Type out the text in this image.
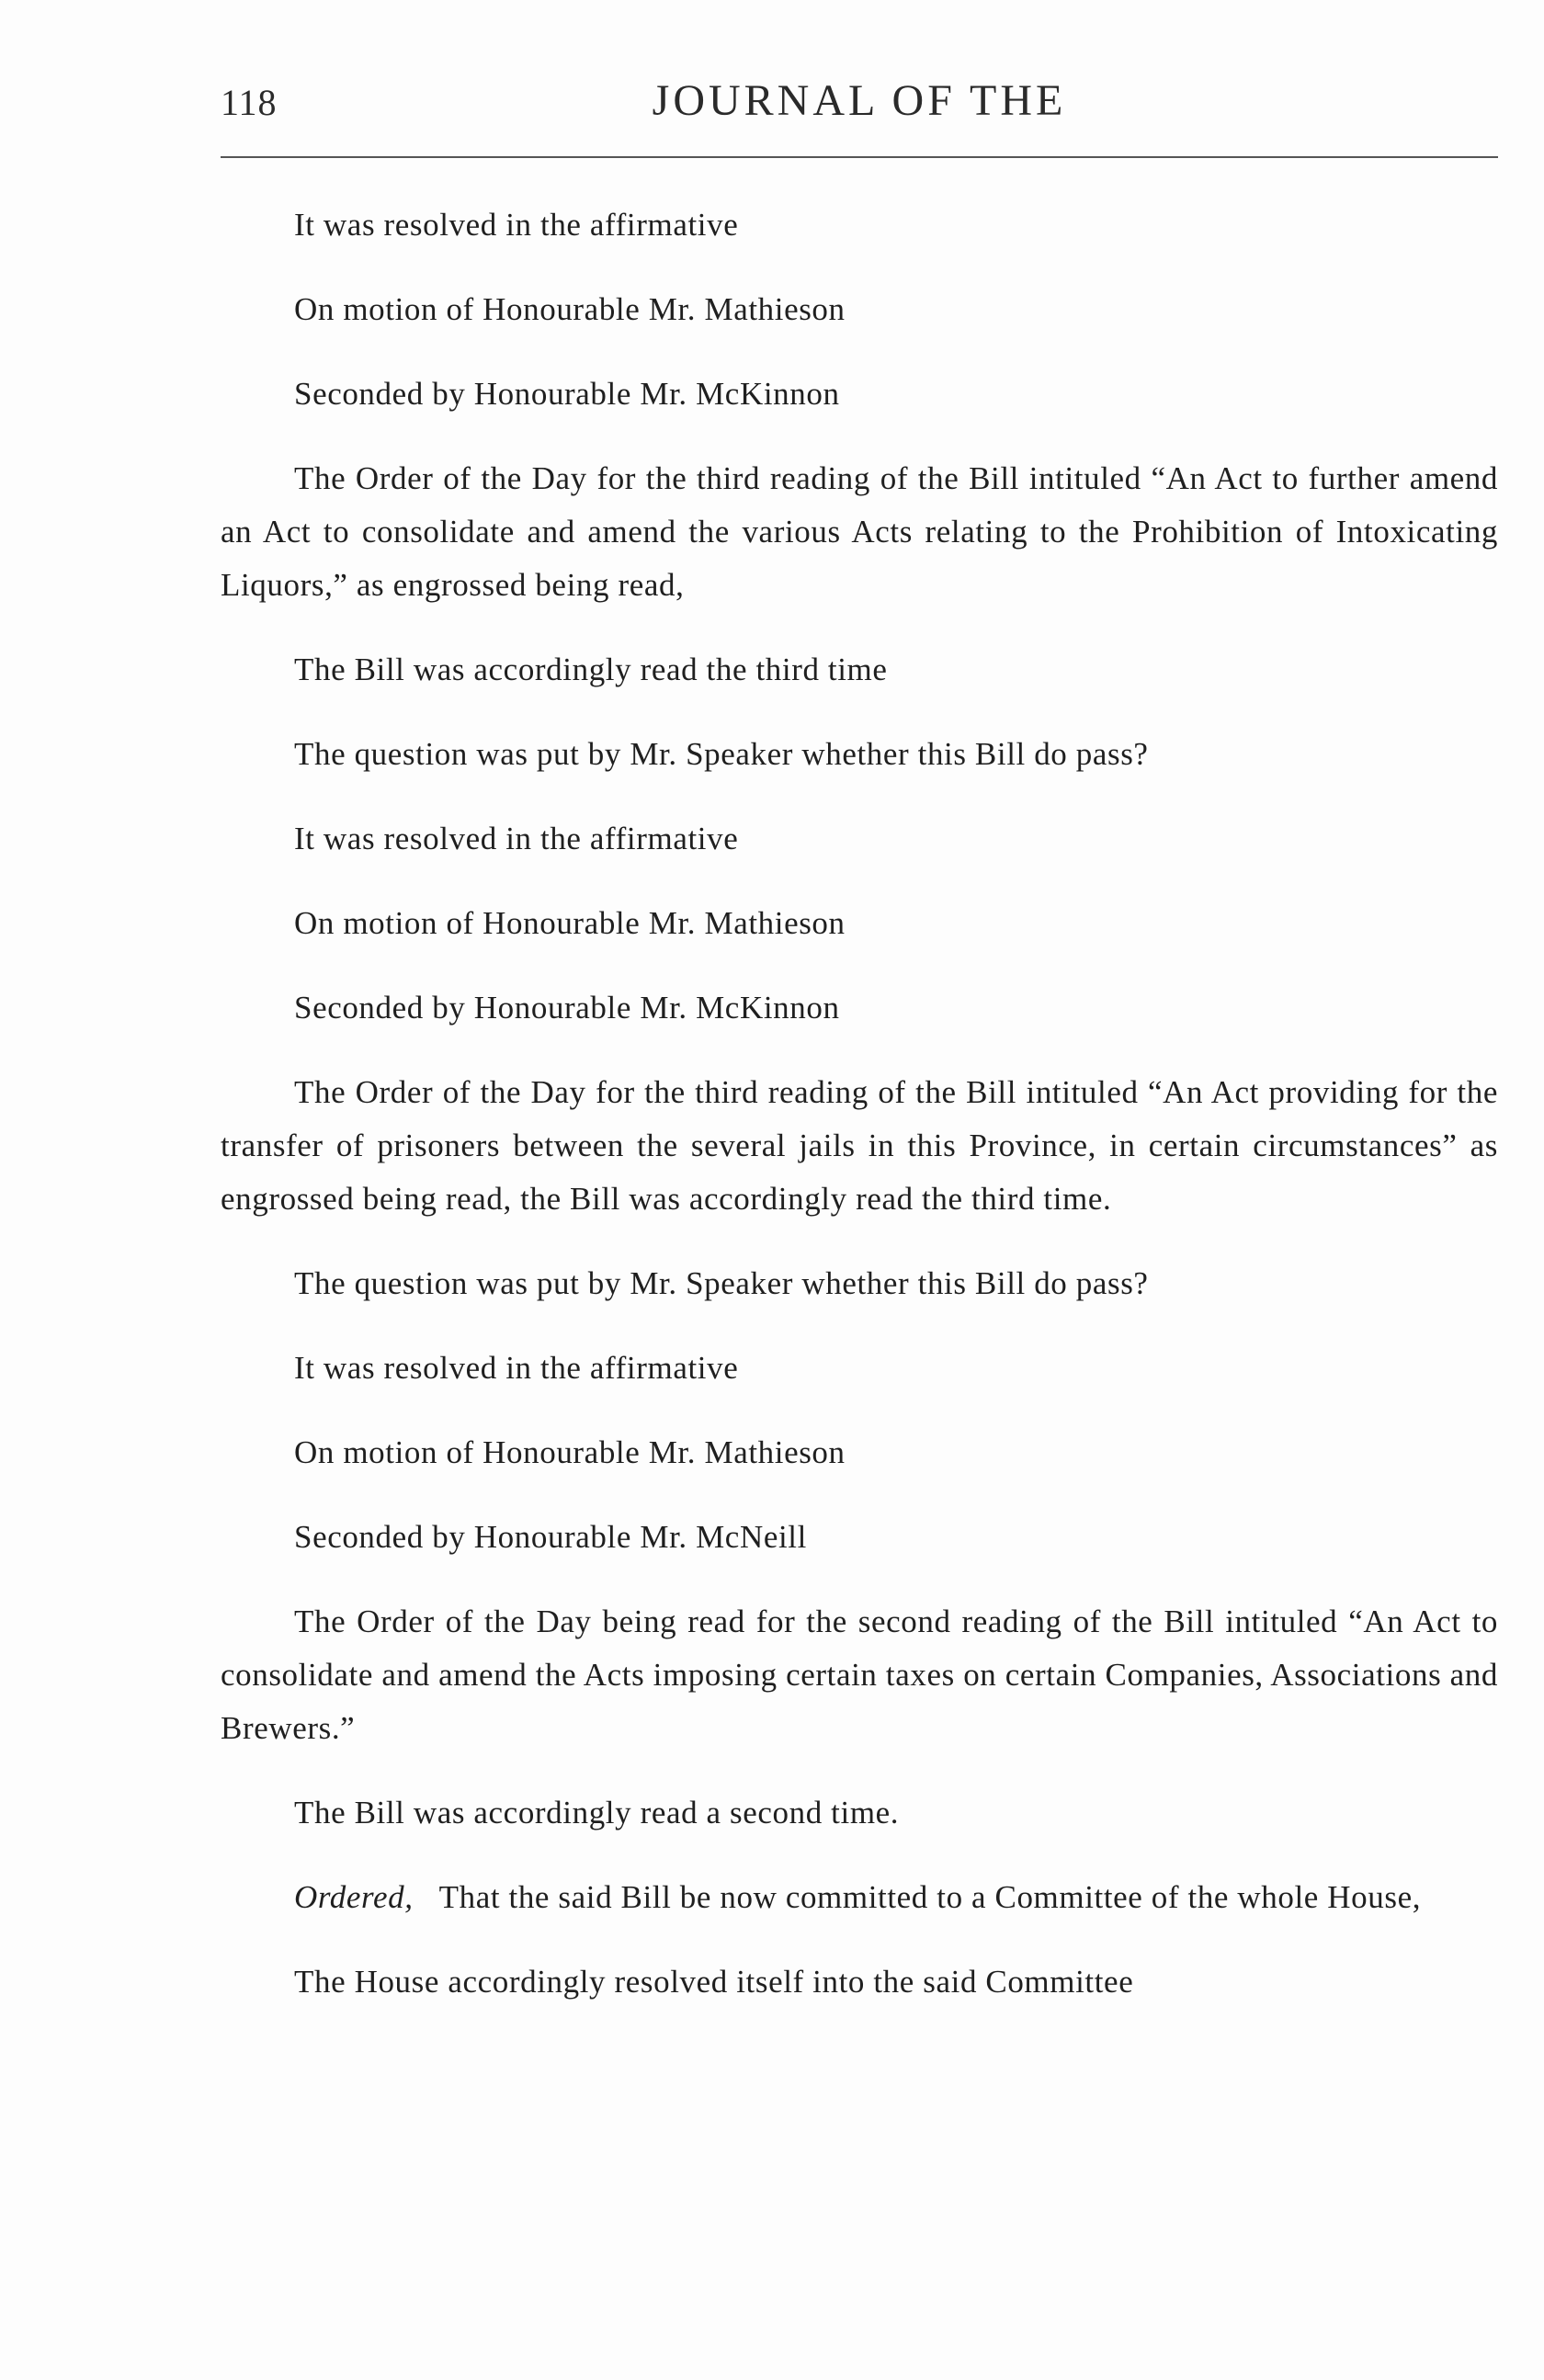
118	JOURNAL OF THE

It was resolved in the affirmative

On motion of Honourable Mr. Mathieson

Seconded by Honourable Mr. McKinnon

The Order of the Day for the third reading of the Bill intituled “An Act to further amend an Act to consolidate and amend the various Acts relating to the Prohibition of Intoxicating Liquors,” as engrossed being read,

The Bill was accordingly read the third time

The question was put by Mr. Speaker whether this Bill do pass?

It was resolved in the affirmative

On motion of Honourable Mr. Mathieson

Seconded by Honourable Mr. McKinnon

The Order of the Day for the third reading of the Bill intituled “An Act providing for the transfer of prisoners between the several jails in this Province, in certain circumstances” as engrossed being read, the Bill was accordingly read the third time.

The question was put by Mr. Speaker whether this Bill do pass?

It was resolved in the affirmative

On motion of Honourable Mr. Mathieson

Seconded by Honourable Mr. McNeill

The Order of the Day being read for the second reading of the Bill intituled “An Act to consolidate and amend the Acts imposing certain taxes on certain Companies, Associations and Brewers.”

The Bill was accordingly read a second time.

Ordered, That the said Bill be now committed to a Committee of the whole House,

The House accordingly resolved itself into the said Committee
